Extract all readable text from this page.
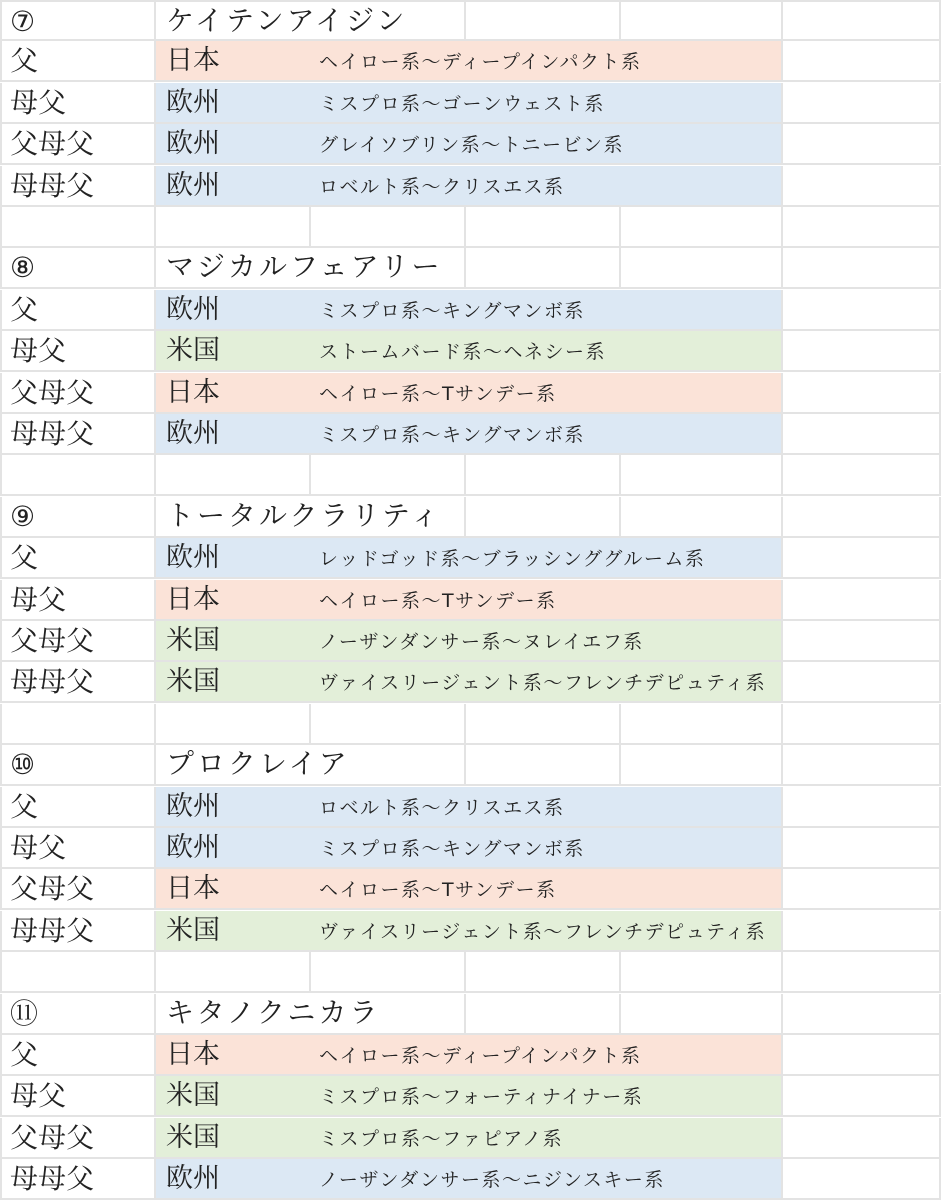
⑦	ケイテンアイジン
父	日本	ヘイロー系〜ディープインパクト系
母父	欧州	ミスプロ系〜ゴーンウェスト系
父母父	欧州	グレイソブリン系〜トニービン系
母母父	欧州	ロベルト系〜クリスエス系
⑧	マジカルフェアリー
父	欧州	ミスプロ系〜キングマンボ系
母父	米国	ストームバード系〜ヘネシー系
父母父	日本	ヘイロー系〜Tサンデー系
母母父	欧州	ミスプロ系〜キングマンボ系
⑨	トータルクラリティ
父	欧州	レッドゴッド系〜ブラッシンググルーム系
母父	日本	ヘイロー系〜Tサンデー系
父母父	米国	ノーザンダンサー系〜ヌレイエフ系
母母父	米国	ヴァイスリージェント系〜フレンチデピュティ系
⑩	プロクレイア
父	欧州	ロベルト系〜クリスエス系
母父	欧州	ミスプロ系〜キングマンボ系
父母父	日本	ヘイロー系〜Tサンデー系
母母父	米国	ヴァイスリージェント系〜フレンチデピュティ系
⑪	キタノクニカラ
父	日本	ヘイロー系〜ディープインパクト系
母父	米国	ミスプロ系〜フォーティナイナー系
父母父	米国	ミスプロ系〜ファピアノ系
母母父	欧州	ノーザンダンサー系〜ニジンスキー系
